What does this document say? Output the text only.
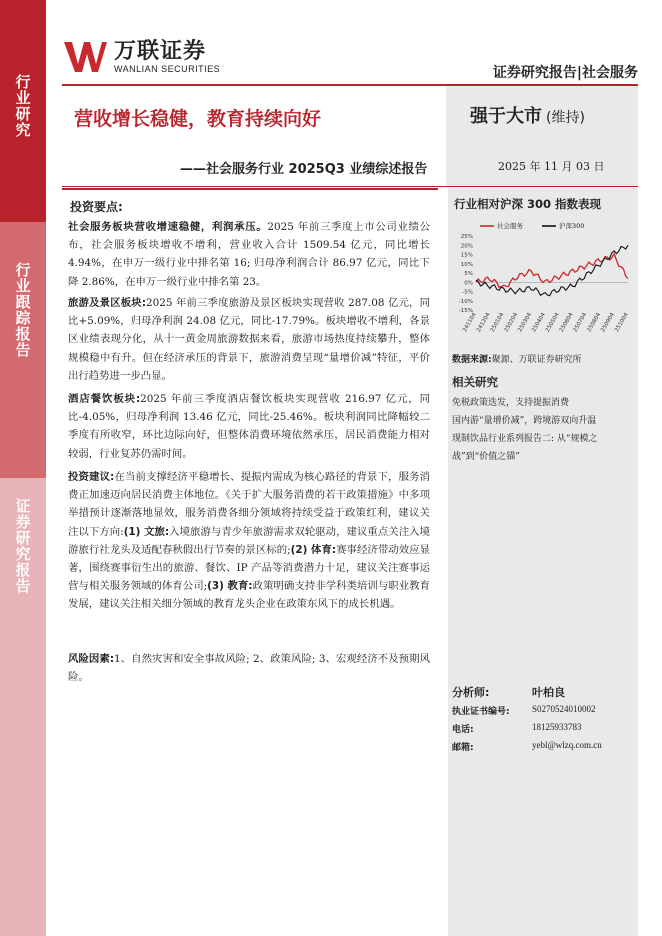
行业研究
行业跟踪报告
证券研究报告
万联证券
WANLIAN SECURITIES	证券研究报告|社会服务
营收增长稳健，教育持续向好
——社会服务行业 2025Q3 业绩综述报告
强于大市 (维持)
2025 年 11 月 03 日
投资要点:
社会服务板块营收增速稳健，利润承压。2025 年前三季度上市公司业绩公布，社会服务板块增收不增利，营业收入合计 1509.54 亿元，同比增长 4.94%，在申万一级行业中排名第 16; 归母净利润合计 86.97 亿元，同比下降 2.86%，在申万一级行业中排名第 23。
旅游及景区板块:2025 年前三季度旅游及景区板块实现营收 287.08 亿元，同比+5.09%，归母净利润 24.08 亿元，同比-17.79%。板块增收不增利，各景区业绩表现分化，从十一黄金周旅游数据来看，旅游市场热度持续攀升，整体规模稳中有升。但在经济承压的背景下，旅游消费呈现“量增价减”特征，平价出行趋势进一步凸显。
酒店餐饮板块:2025 年前三季度酒店餐饮板块实现营收 216.97 亿元，同比-4.05%，归母净利润 13.46 亿元，同比-25.46%。板块利润同比降幅较二季度有所收窄，环比边际向好，但整体消费环境依然承压，居民消费能力相对较弱，行业复苏仍需时间。
投资建议:在当前支撑经济平稳增长、提振内需成为核心路径的背景下，服务消费正加速迈向居民消费主体地位。《关于扩大服务消费的若干政策措施》中多项举措预计逐渐落地显效，服务消费各细分领域将持续受益于政策红利，建议关注以下方向:(1) 文旅:入境旅游与青少年旅游需求双轮驱动，建议重点关注入境游旅行社龙头及适配春秋假出行节奏的景区标的;(2) 体育:赛事经济带动效应显著，围绕赛事衍生出的旅游、餐饮、IP 产品等消费潜力十足，建议关注赛事运营与相关服务领域的体育公司;(3) 教育:政策明确支持非学科类培训与职业教育发展，建议关注相关细分领域的教育龙头企业在政策东风下的成长机遇。
风险因素:1、自然灾害和安全事故风险; 2、政策风险; 3、宏观经济不及预期风险。
行业相对沪深 300 指数表现
25%
20%
15%
10%
5%
0%
-5%
-10%
-15%
241104
241204
250104
250204
250304
250404
250504
250604
250704
250804
250904
251004
社会服务	沪深300
数据来源:聚源、万联证券研究所
相关研究
免税政策迭发，支持提振消费
国内游“量增价减”，跨境游双向升温
现制饮品行业系列报告二: 从“规模之战”到“价值之锚”
分析师:	叶柏良
执业证书编号: S0270524010002
电话:	18125933783
邮箱:	yebl@wlzq.com.cn
